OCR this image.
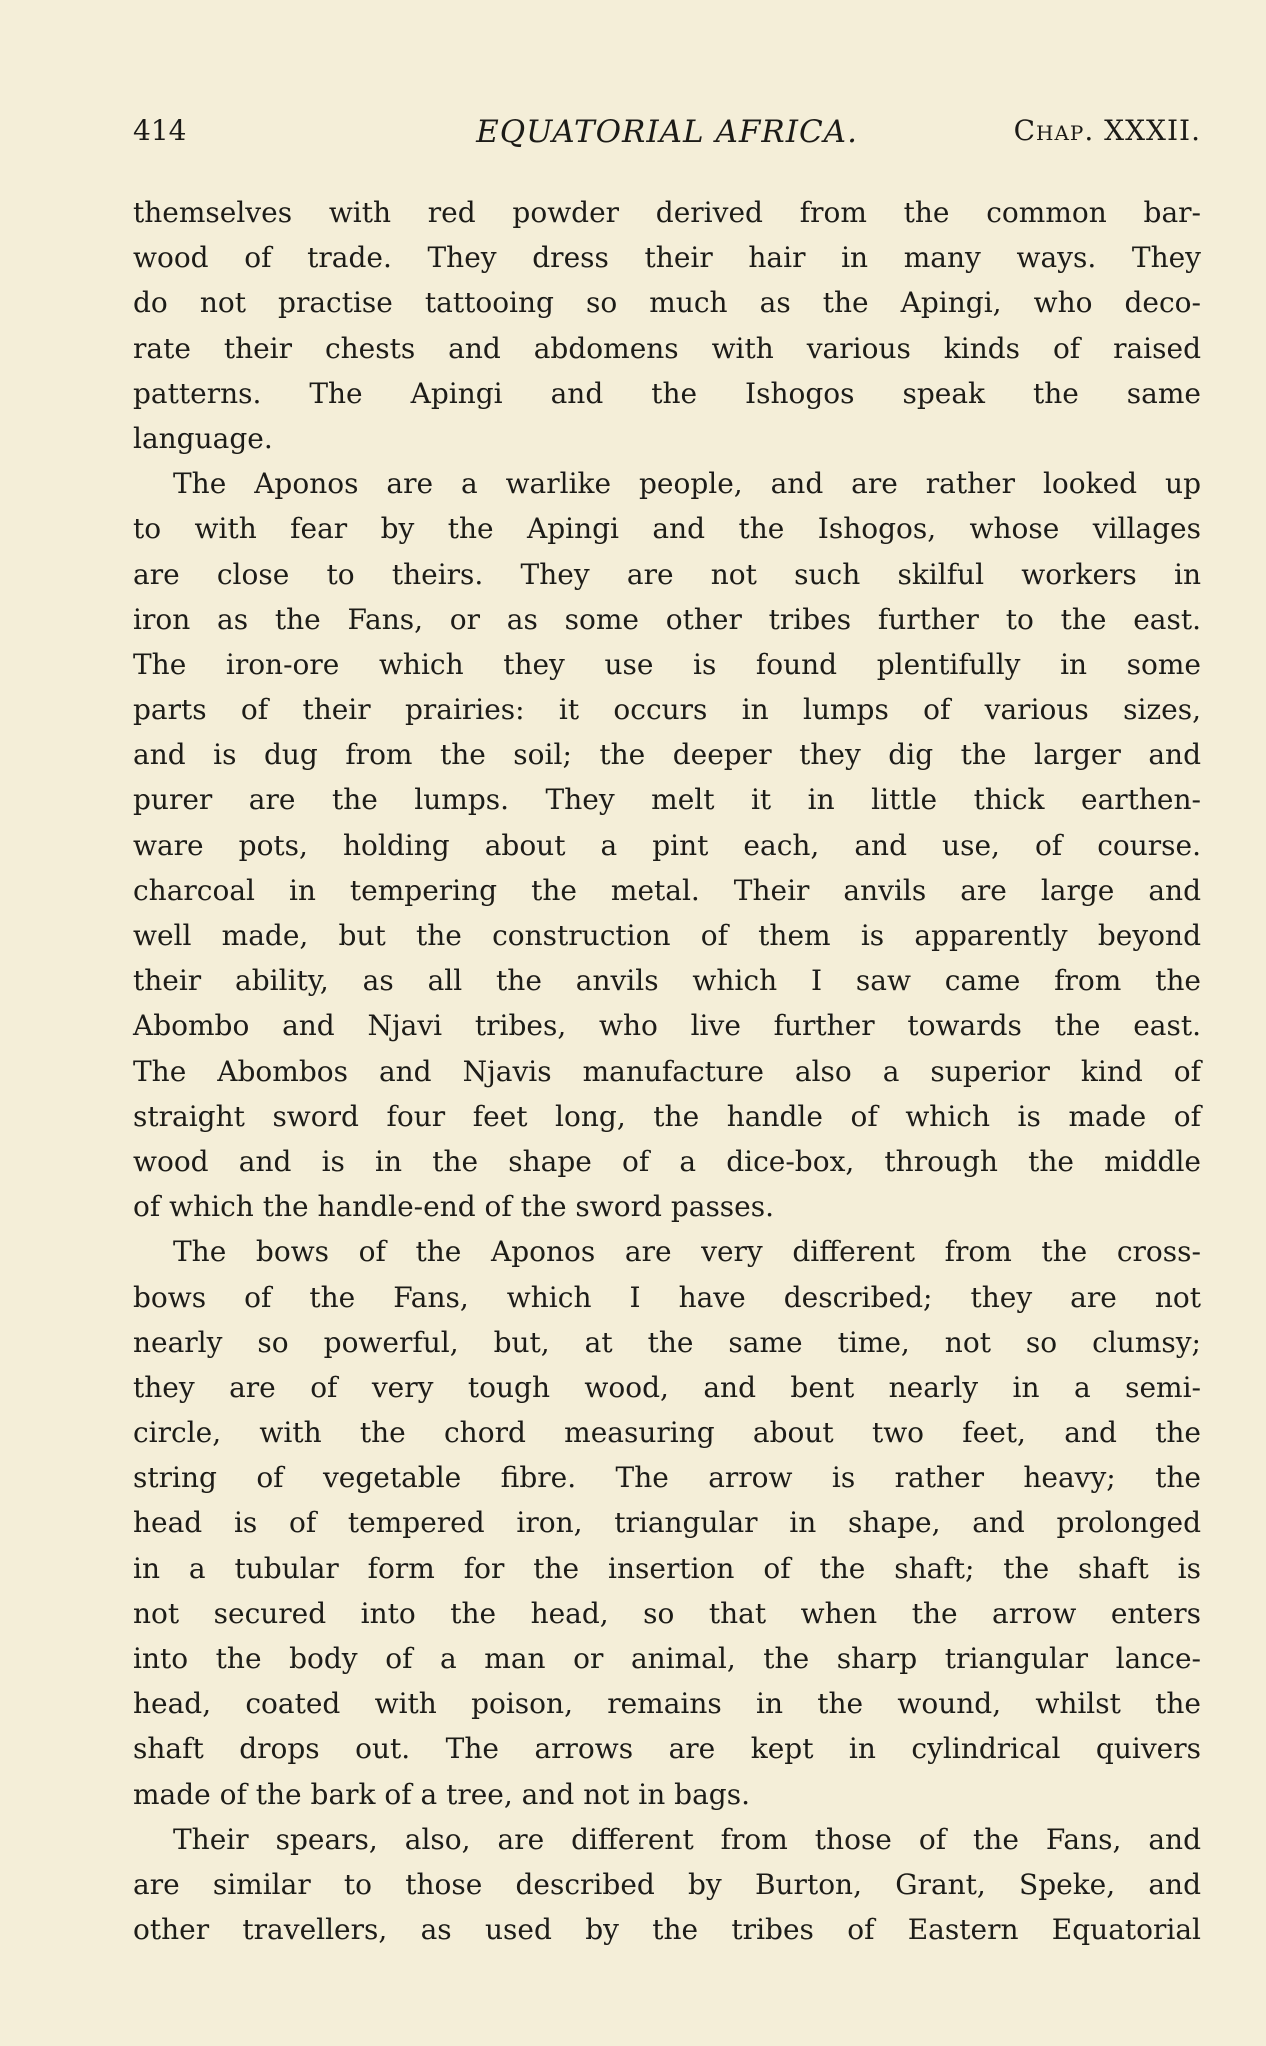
414	EQUATORIAL AFRICA.	Chap. XXXII.
themselves with red powder derived from the common bar-
wood of trade. They dress their hair in many ways. They
do not practise tattooing so much as the Apingi, who deco-
rate their chests and abdomens with various kinds of raised
patterns. The Apingi and the Ishogos speak the same
language.
The Aponos are a warlike people, and are rather looked up
to with fear by the Apingi and the Ishogos, whose villages
are close to theirs. They are not such skilful workers in
iron as the Fans, or as some other tribes further to the east.
The iron-ore which they use is found plentifully in some
parts of their prairies: it occurs in lumps of various sizes,
and is dug from the soil; the deeper they dig the larger and
purer are the lumps. They melt it in little thick earthen-
ware pots, holding about a pint each, and use, of course.
charcoal in tempering the metal. Their anvils are large and
well made, but the construction of them is apparently beyond
their ability, as all the anvils which I saw came from the
Abombo and Njavi tribes, who live further towards the east.
The Abombos and Njavis manufacture also a superior kind of
straight sword four feet long, the handle of which is made of
wood and is in the shape of a dice-box, through the middle
of which the handle-end of the sword passes.
The bows of the Aponos are very different from the cross-
bows of the Fans, which I have described; they are not
nearly so powerful, but, at the same time, not so clumsy;
they are of very tough wood, and bent nearly in a semi-
circle, with the chord measuring about two feet, and the
string of vegetable fibre. The arrow is rather heavy; the
head is of tempered iron, triangular in shape, and prolonged
in a tubular form for the insertion of the shaft; the shaft is
not secured into the head, so that when the arrow enters
into the body of a man or animal, the sharp triangular lance-
head, coated with poison, remains in the wound, whilst the
shaft drops out. The arrows are kept in cylindrical quivers
made of the bark of a tree, and not in bags.
Their spears, also, are different from those of the Fans, and
are similar to those described by Burton, Grant, Speke, and
other travellers, as used by the tribes of Eastern Equatorial
